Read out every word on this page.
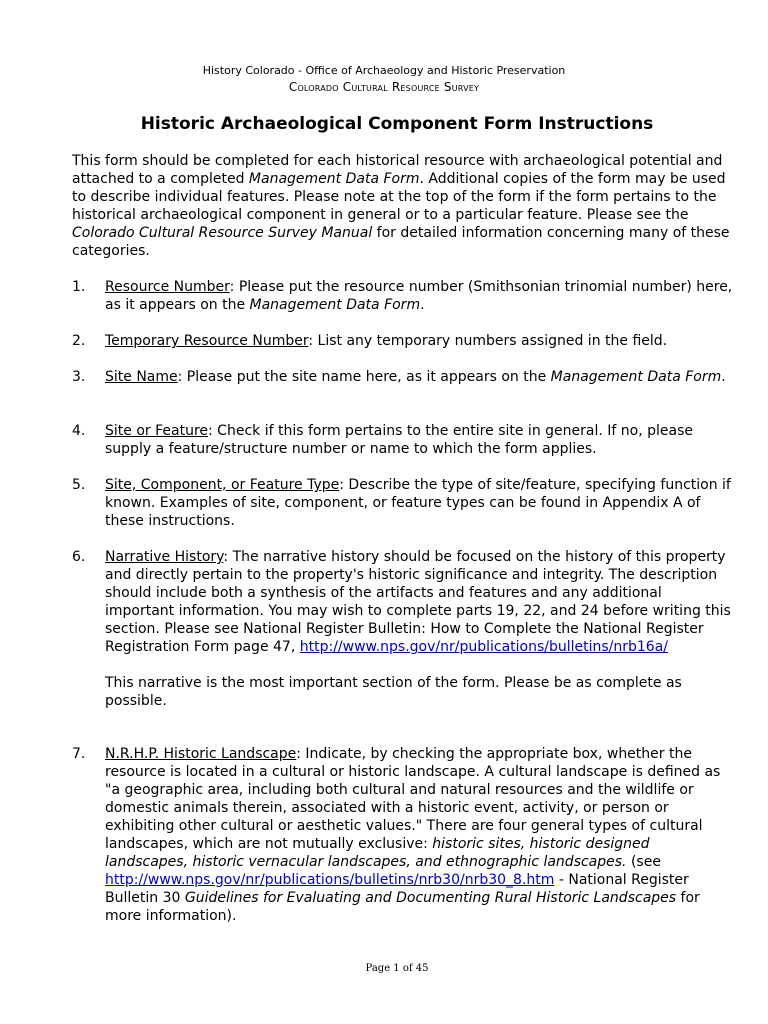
History Colorado - Office of Archaeology and Historic Preservation
Colorado Cultural Resource Survey
Historic Archaeological Component Form Instructions
This form should be completed for each historical resource with archaeological potential and attached to a completed Management Data Form. Additional copies of the form may be used to describe individual features. Please note at the top of the form if the form pertains to the historical archaeological component in general or to a particular feature. Please see the Colorado Cultural Resource Survey Manual for detailed information concerning many of these categories.
1.	Resource Number: Please put the resource number (Smithsonian trinomial number) here, as it appears on the Management Data Form.
2.	Temporary Resource Number: List any temporary numbers assigned in the field.
3.	Site Name: Please put the site name here, as it appears on the Management Data Form.
4.	Site or Feature: Check if this form pertains to the entire site in general. If no, please supply a feature/structure number or name to which the form applies.
5.	Site, Component, or Feature Type: Describe the type of site/feature, specifying function if known. Examples of site, component, or feature types can be found in Appendix A of these instructions.
6.	Narrative History: The narrative history should be focused on the history of this property and directly pertain to the property's historic significance and integrity. The description should include both a synthesis of the artifacts and features and any additional important information. You may wish to complete parts 19, 22, and 24 before writing this section. Please see National Register Bulletin: How to Complete the National Register Registration Form page 47, http://www.nps.gov/nr/publications/bulletins/nrb16a/

This narrative is the most important section of the form. Please be as complete as possible.

7.	N.R.H.P. Historic Landscape: Indicate, by checking the appropriate box, whether the resource is located in a cultural or historic landscape. A cultural landscape is defined as "a geographic area, including both cultural and natural resources and the wildlife or domestic animals therein, associated with a historic event, activity, or person or exhibiting other cultural or aesthetic values." There are four general types of cultural landscapes, which are not mutually exclusive: historic sites, historic designed landscapes, historic vernacular landscapes, and ethnographic landscapes. (see http://www.nps.gov/nr/publications/bulletins/nrb30/nrb30_8.htm - National Register Bulletin 30 Guidelines for Evaluating and Documenting Rural Historic Landscapes for more information).
Page 1 of 45
